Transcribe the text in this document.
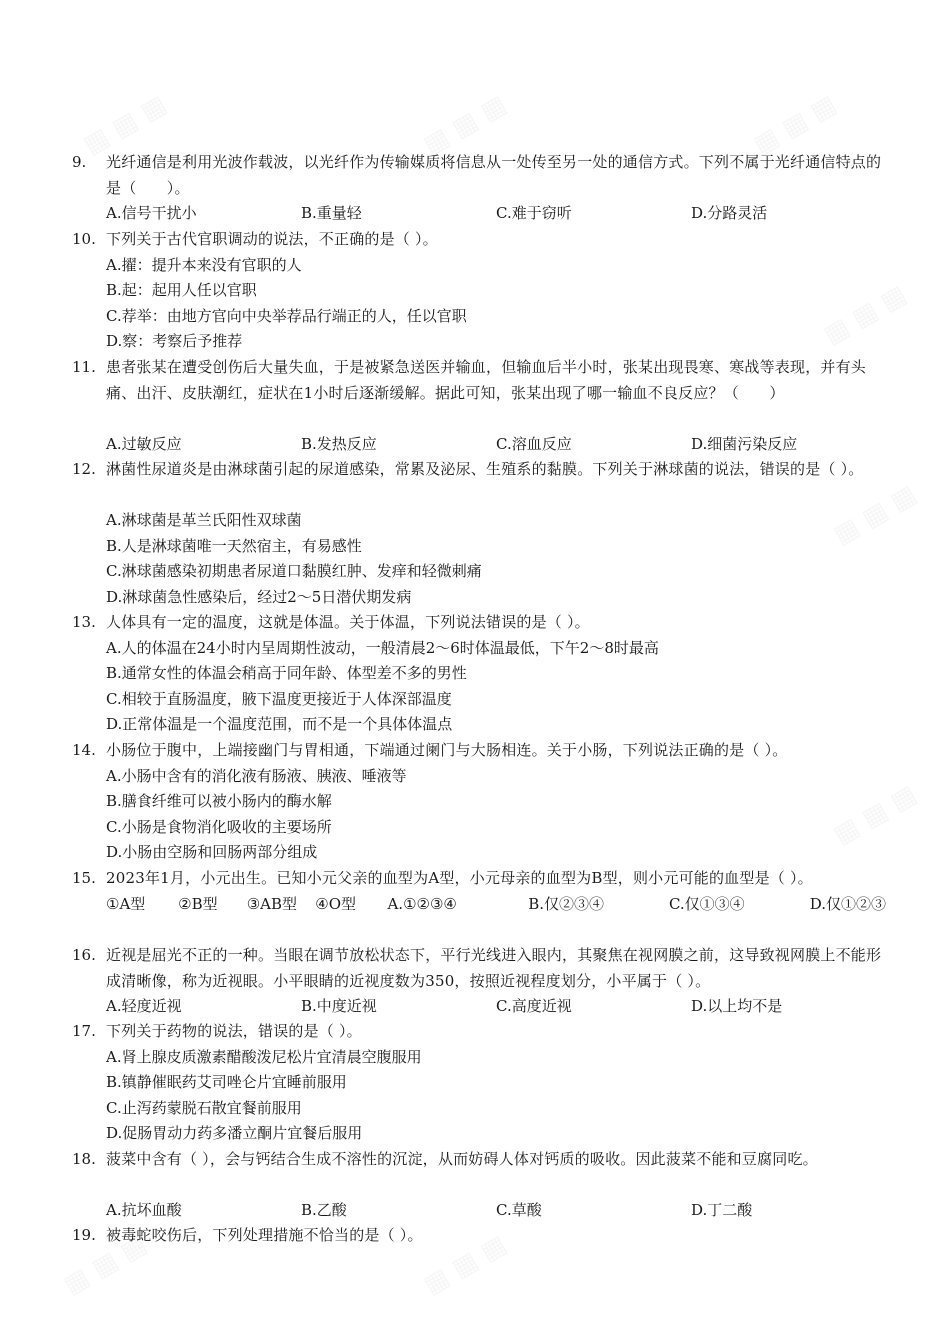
9. 光纤通信是利用光波作载波，以光纤作为传输媒质将信息从一处传至另一处的通信方式。下列不属于光纤通信特点的是（　　）。
A.信号干扰小	B.重量轻	C.难于窃听	D.分路灵活
10. 下列关于古代官职调动的说法，不正确的是（ ）。
A.擢：提升本来没有官职的人
B.起：起用人任以官职
C.荐举：由地方官向中央举荐品行端正的人，任以官职
D.察：考察后予推荐
11. 患者张某在遭受创伤后大量失血，于是被紧急送医并输血，但输血后半小时，张某出现畏寒、寒战等表现，并有头痛、出汗、皮肤潮红，症状在1小时后逐渐缓解。据此可知，张某出现了哪一输血不良反应？（　　）
A.过敏反应	B.发热反应	C.溶血反应	D.细菌污染反应
12. 淋菌性尿道炎是由淋球菌引起的尿道感染，常累及泌尿、生殖系的黏膜。下列关于淋球菌的说法，错误的是（ ）。
A.淋球菌是革兰氏阳性双球菌
B.人是淋球菌唯一天然宿主，有易感性
C.淋球菌感染初期患者尿道口黏膜红肿、发痒和轻微刺痛
D.淋球菌急性感染后，经过2～5日潜伏期发病
13. 人体具有一定的温度，这就是体温。关于体温，下列说法错误的是（ ）。
A.人的体温在24小时内呈周期性波动，一般清晨2～6时体温最低，下午2～8时最高
B.通常女性的体温会稍高于同年龄、体型差不多的男性
C.相较于直肠温度，腋下温度更接近于人体深部温度
D.正常体温是一个温度范围，而不是一个具体体温点
14. 小肠位于腹中，上端接幽门与胃相通，下端通过阑门与大肠相连。关于小肠，下列说法正确的是（ ）。
A.小肠中含有的消化液有肠液、胰液、唾液等
B.膳食纤维可以被小肠内的酶水解
C.小肠是食物消化吸收的主要场所
D.小肠由空肠和回肠两部分组成
15. 2023年1月，小元出生。已知小元父亲的血型为A型，小元母亲的血型为B型，则小元可能的血型是（ ）。
①A型	②B型	③AB型	④O型	A.①②③④	B.仅②③④	C.仅①③④	D.仅①②③
16. 近视是屈光不正的一种。当眼在调节放松状态下，平行光线进入眼内，其聚焦在视网膜之前，这导致视网膜上不能形成清晰像，称为近视眼。小平眼睛的近视度数为350，按照近视程度划分，小平属于（ ）。
A.轻度近视	B.中度近视	C.高度近视	D.以上均不是
17. 下列关于药物的说法，错误的是（ ）。
A.肾上腺皮质激素醋酸泼尼松片宜清晨空腹服用
B.镇静催眠药艾司唑仑片宜睡前服用
C.止泻药蒙脱石散宜餐前服用
D.促肠胃动力药多潘立酮片宜餐后服用
18. 菠菜中含有（ ），会与钙结合生成不溶性的沉淀，从而妨碍人体对钙质的吸收。因此菠菜不能和豆腐同吃。
A.抗坏血酸	B.乙酸	C.草酸	D.丁二酸
19. 被毒蛇咬伤后，下列处理措施不恰当的是（ ）。
